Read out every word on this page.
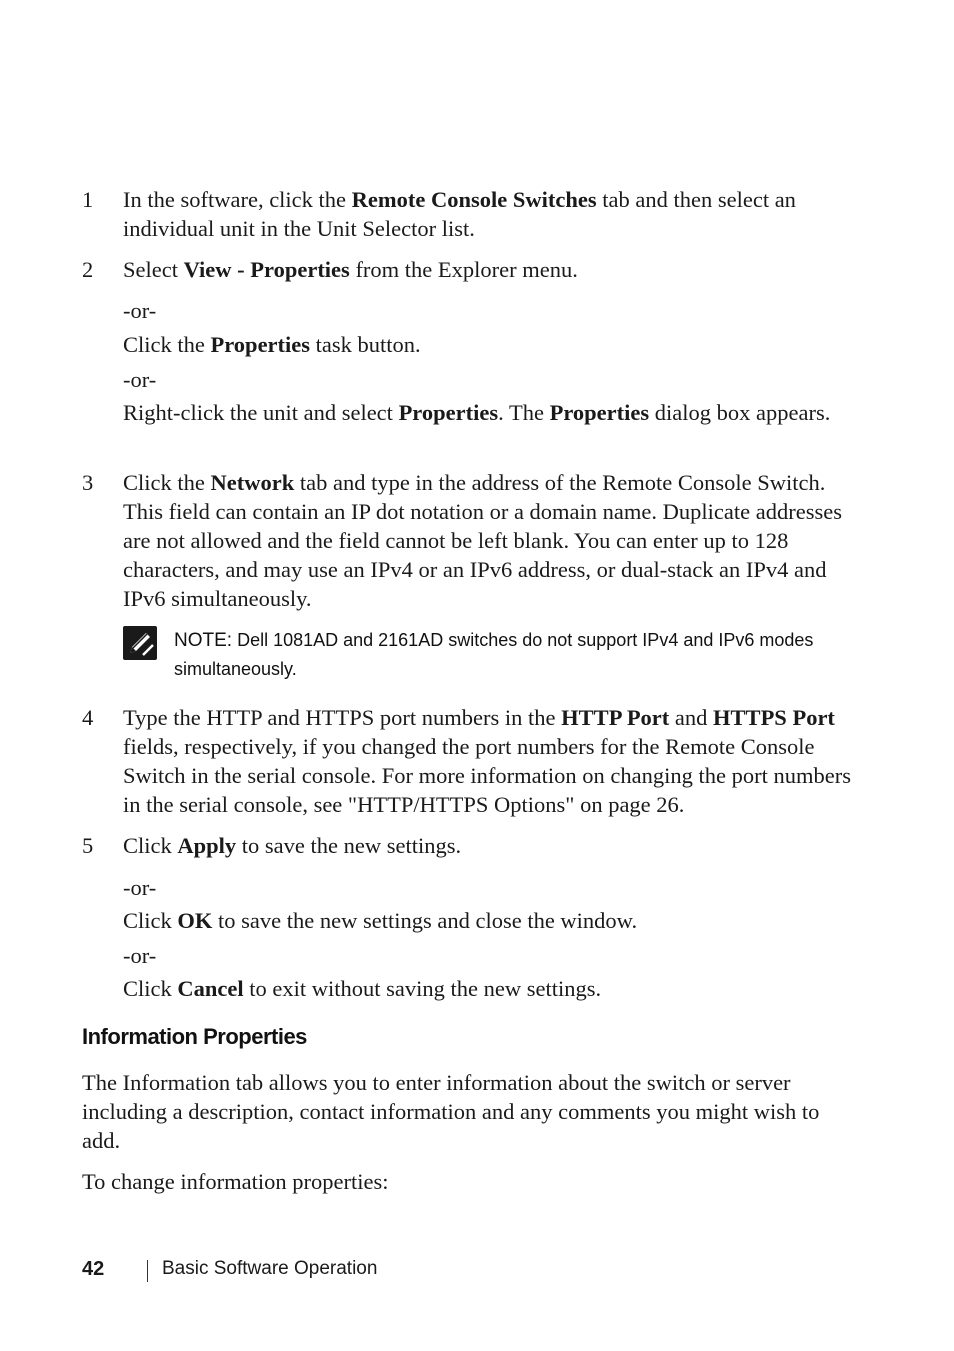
1 In the software, click the Remote Console Switches tab and then select an individual unit in the Unit Selector list.
2 Select View - Properties from the Explorer menu.
-or-
Click the Properties task button.
-or-
Right-click the unit and select Properties. The Properties dialog box appears.
3 Click the Network tab and type in the address of the Remote Console Switch. This field can contain an IP dot notation or a domain name. Duplicate addresses are not allowed and the field cannot be left blank. You can enter up to 128 characters, and may use an IPv4 or an IPv6 address, or dual-stack an IPv4 and IPv6 simultaneously.
NOTE: Dell 1081AD and 2161AD switches do not support IPv4 and IPv6 modes simultaneously.
4 Type the HTTP and HTTPS port numbers in the HTTP Port and HTTPS Port fields, respectively, if you changed the port numbers for the Remote Console Switch in the serial console. For more information on changing the port numbers in the serial console, see "HTTP/HTTPS Options" on page 26.
5 Click Apply to save the new settings.
-or-
Click OK to save the new settings and close the window.
-or-
Click Cancel to exit without saving the new settings.
Information Properties
The Information tab allows you to enter information about the switch or server including a description, contact information and any comments you might wish to add.
To change information properties:
42	Basic Software Operation
